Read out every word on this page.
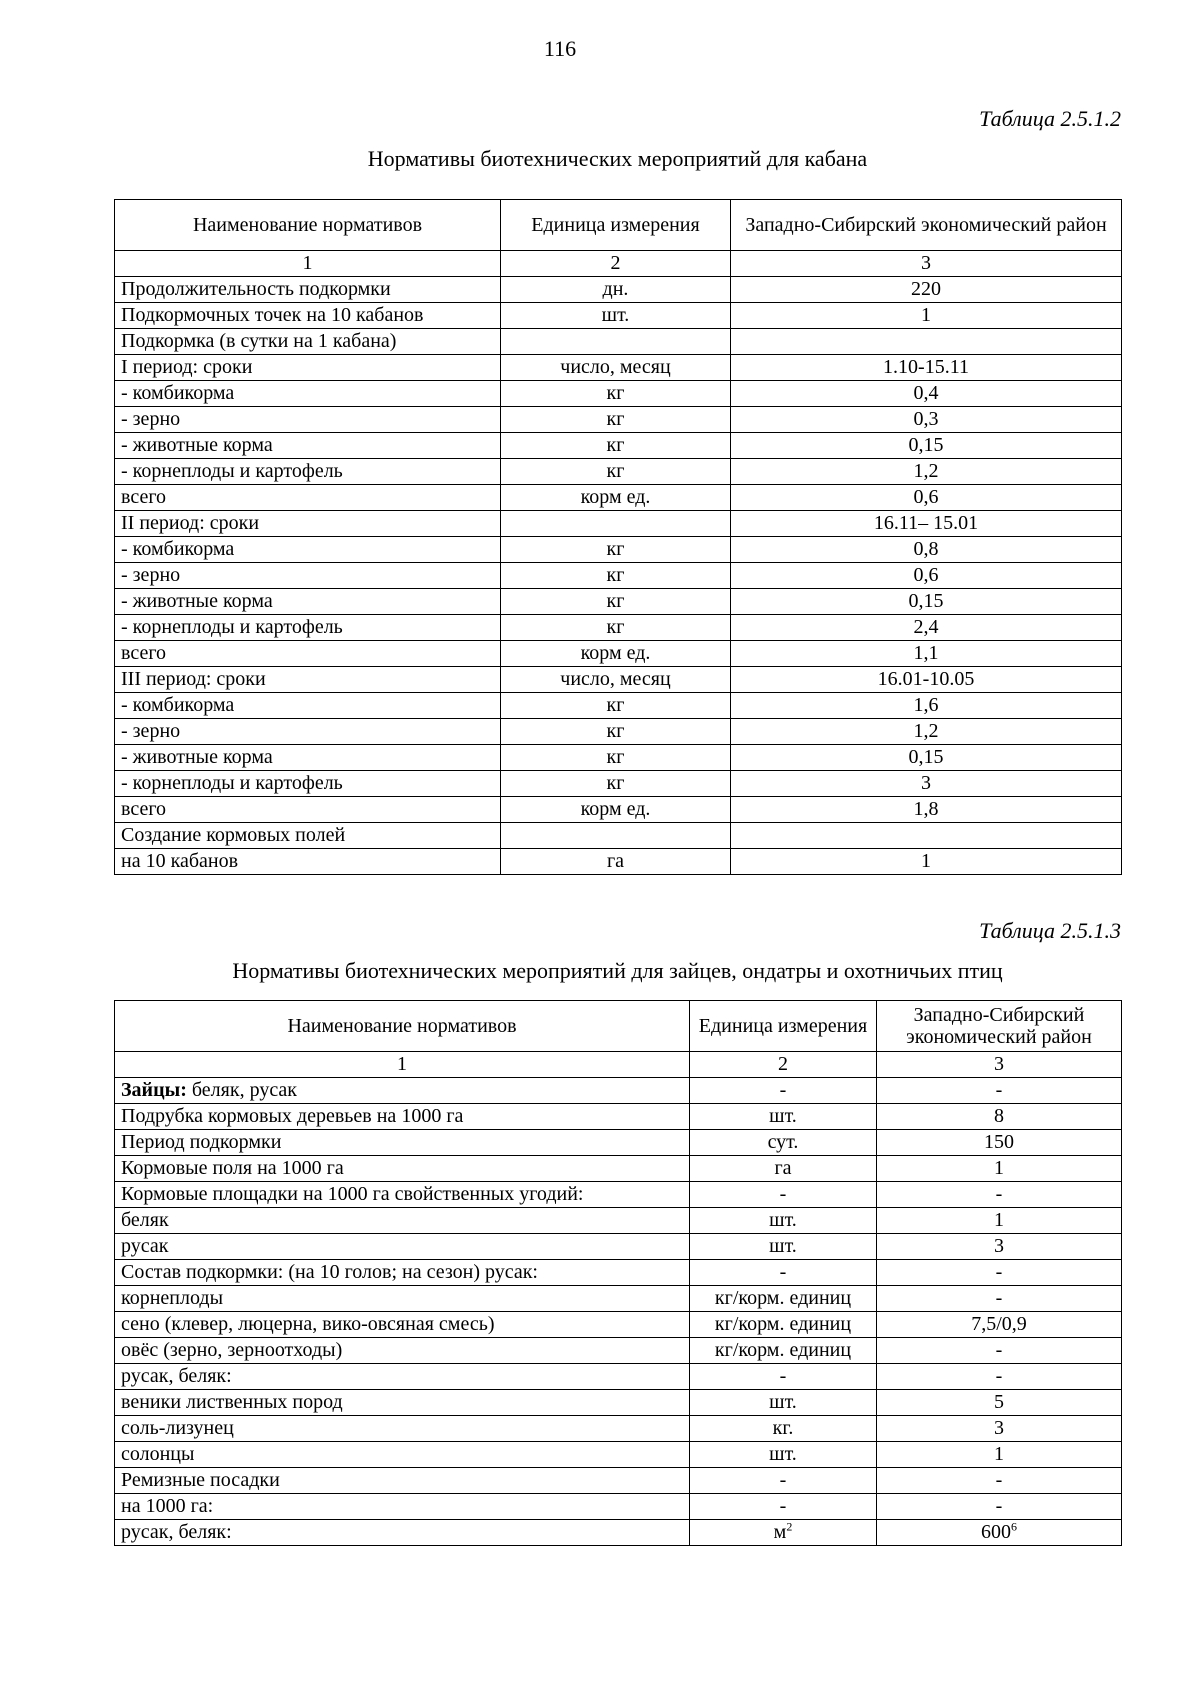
116
Таблица 2.5.1.2
Нормативы биотехнических мероприятий для кабана
Наименование нормативов	Единица измерения	Западно-Сибирский экономический район
1	2	3
Продолжительность подкормки	дн.	220
Подкормочных точек на 10 кабанов	шт.	1
Подкормка (в сутки на 1 кабана)		
I период: сроки	число, месяц	1.10-15.11
- комбикорма	кг	0,4
- зерно	кг	0,3
- животные корма	кг	0,15
- корнеплоды и картофель	кг	1,2
всего	корм ед.	0,6
II период: сроки		16.11– 15.01
- комбикорма	кг	0,8
- зерно	кг	0,6
- животные корма	кг	0,15
- корнеплоды и картофель	кг	2,4
всего	корм ед.	1,1
III период: сроки	число, месяц	16.01-10.05
- комбикорма	кг	1,6
- зерно	кг	1,2
- животные корма	кг	0,15
- корнеплоды и картофель	кг	3
всего	корм ед.	1,8
Создание кормовых полей		
на 10 кабанов	га	1
Таблица 2.5.1.3
Нормативы биотехнических мероприятий для зайцев, ондатры и охотничьих птиц
Наименование нормативов	Единица измерения	Западно-Сибирский экономический район
1	2	3
Зайцы: беляк, русак	-	-
Подрубка кормовых деревьев на 1000 га	шт.	8
Период подкормки	сут.	150
Кормовые поля на 1000 га	га	1
Кормовые площадки на 1000 га свойственных угодий:	-	-
беляк	шт.	1
русак	шт.	3
Состав подкормки: (на 10 голов; на сезон) русак:	-	-
корнеплоды	кг/корм. единиц	-
сено (клевер, люцерна, вико-овсяная смесь)	кг/корм. единиц	7,5/0,9
овёс (зерно, зерноотходы)	кг/корм. единиц	-
русак, беляк:	-	-
веники лиственных пород	шт.	5
соль-лизунец	кг.	3
солонцы	шт.	1
Ремизные посадки	-	-
на 1000 га:	-	-
русак, беляк:	$м^2$	$600^6$
